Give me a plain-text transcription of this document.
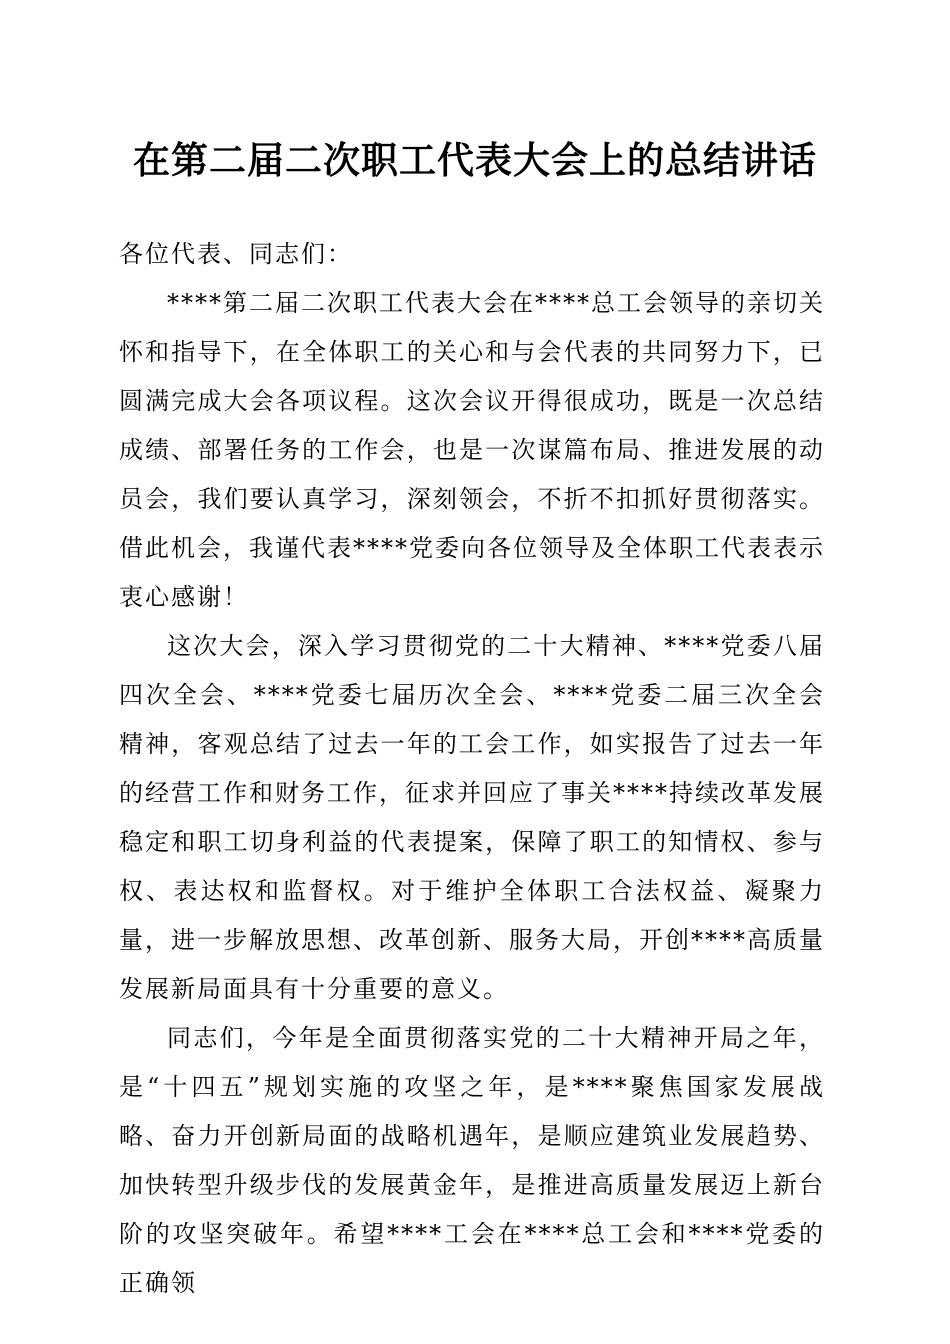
在第二届二次职工代表大会上的总结讲话

各位代表、同志们：

****第二届二次职工代表大会在****总工会领导的亲切关怀和指导下，在全体职工的关心和与会代表的共同努力下，已圆满完成大会各项议程。这次会议开得很成功，既是一次总结成绩、部署任务的工作会，也是一次谋篇布局、推进发展的动员会，我们要认真学习，深刻领会，不折不扣抓好贯彻落实。借此机会，我谨代表****党委向各位领导及全体职工代表表示衷心感谢！

这次大会，深入学习贯彻党的二十大精神、****党委八届四次全会、****党委七届历次全会、****党委二届三次全会精神，客观总结了过去一年的工会工作，如实报告了过去一年的经营工作和财务工作，征求并回应了事关****持续改革发展稳定和职工切身利益的代表提案，保障了职工的知情权、参与权、表达权和监督权。对于维护全体职工合法权益、凝聚力量，进一步解放思想、改革创新、服务大局，开创****高质量发展新局面具有十分重要的意义。

同志们，今年是全面贯彻落实党的二十大精神开局之年，是“十四五”规划实施的攻坚之年，是****聚焦国家发展战略、奋力开创新局面的战略机遇年，是顺应建筑业发展趋势、加快转型升级步伐的发展黄金年，是推进高质量发展迈上新台阶的攻坚突破年。希望****工会在****总工会和****党委的正确领
